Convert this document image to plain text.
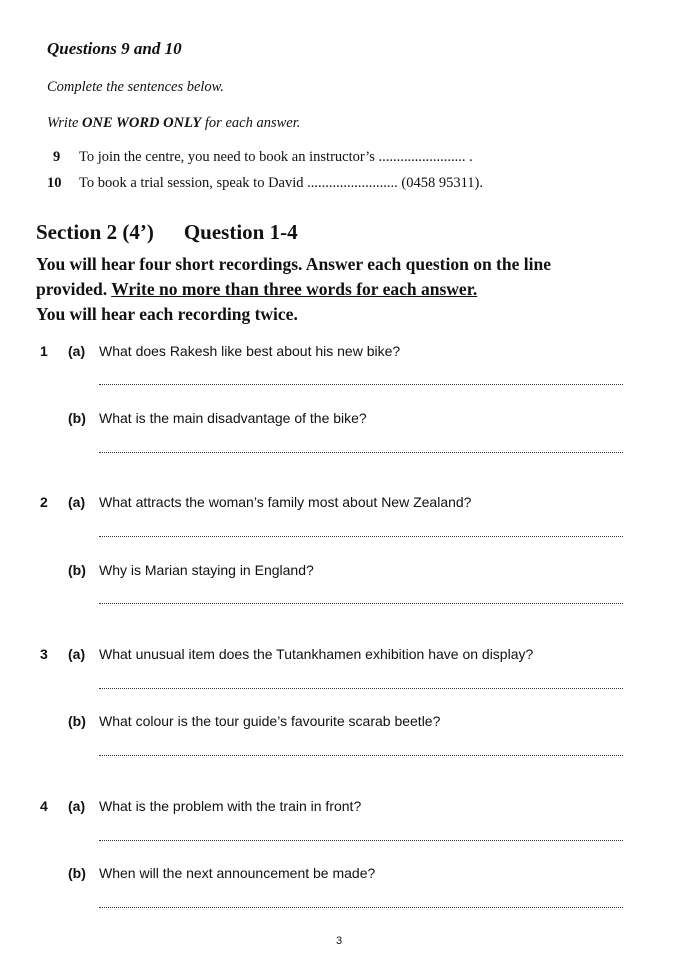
Questions 9 and 10
Complete the sentences below.
Write ONE WORD ONLY for each answer.
9 To join the centre, you need to book an instructor’s ........................ .
10 To book a trial session, speak to David ......................... (0458 95311).
Section 2 (4’) Question 1-4
You will hear four short recordings. Answer each question on the line
provided. Write no more than three words for each answer.
You will hear each recording twice.
1 (a) What does Rakesh like best about his new bike?
(b) What is the main disadvantage of the bike?
2 (a) What attracts the woman’s family most about New Zealand?
(b) Why is Marian staying in England?
3 (a) What unusual item does the Tutankhamen exhibition have on display?
(b) What colour is the tour guide’s favourite scarab beetle?
4 (a) What is the problem with the train in front?
(b) When will the next announcement be made?
3
